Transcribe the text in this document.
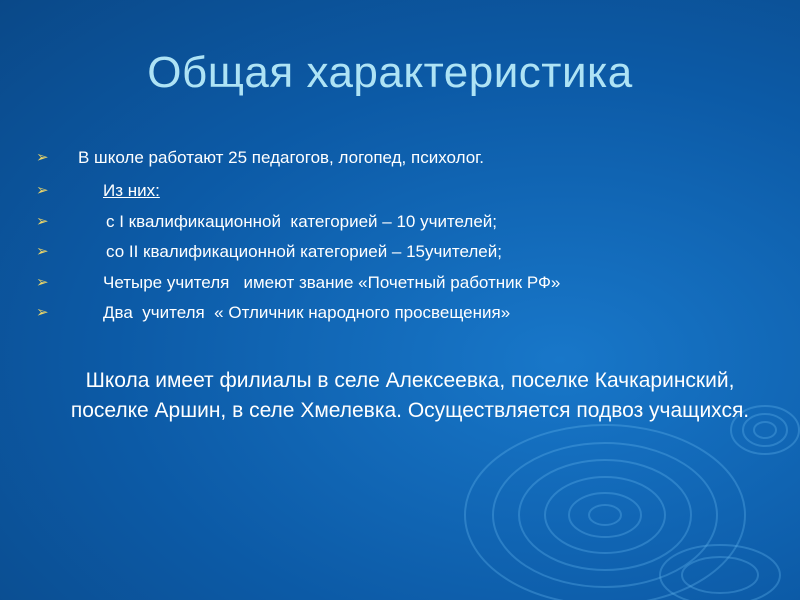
Общая характеристика
➢ В школе работают 25 педагогов, логопед, психолог.
➢	Из них:
➢	с I квалификационной  категорией – 10 учителей;
➢	со II квалификационной категорией – 15учителей;
➢	Четыре учителя   имеют звание «Почетный работник РФ»
➢	Два  учителя  « Отличник народного просвещения»
Школа имеет филиалы в селе Алексеевка, поселке Качкаринский, поселке Аршин, в селе Хмелевка. Осуществляется подвоз учащихся.
